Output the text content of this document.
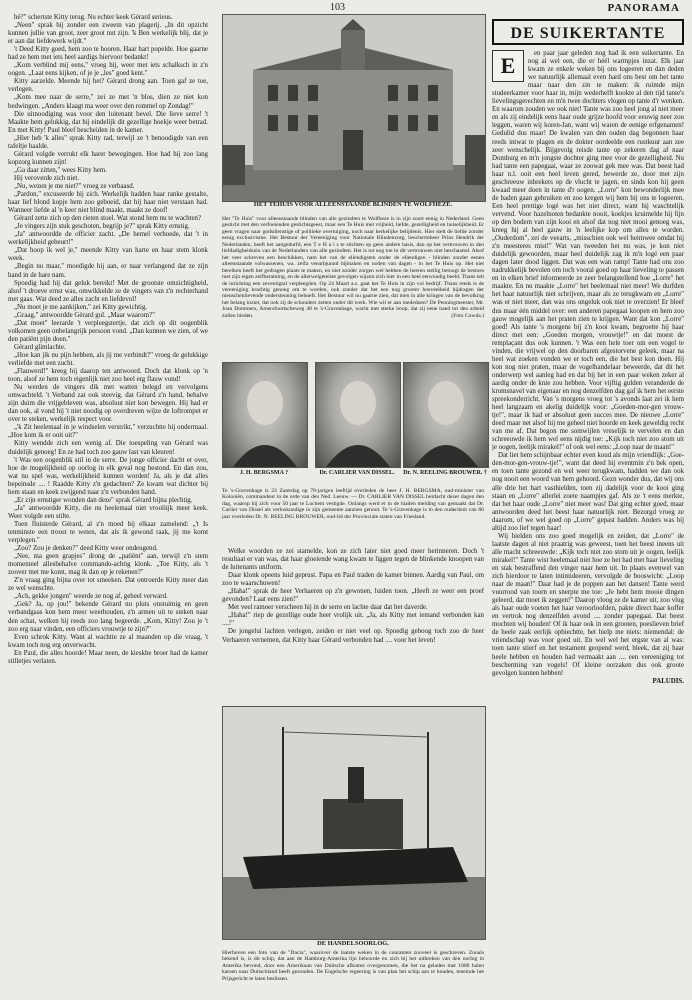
103	PANORAMA

hè?" schertste Kitty terug. Nu echter keek Gérard serieus.

„Neen" sprak hij zonder een zweem van plagerij. „In dit opzicht kunnen jullie van groot, zeer groot nut zijn. 'k Ben werkelijk blij, dat je er aan dat liefdewerk wijdt."

't Deed Kitty goed, hem zoo te hooren. Haar hart popelde. Hoe gaarne had ze hem met iets heel aardigs hiervoor bedankt!

„Kom verblind mij eens," vroeg hij, weer met iets schalksch in z'n oogen. „Laat eens kijken, of je je „les" goed kent."

Kitty aarzelde. Meende hij het? Gérard drong aan. Toen gaf ze toe, verlegen.

„Kom mee naar de serre," zei ze met 'n blos, dien ze niet kon bedwingen. „Anders klaagt ma weer over den rommel op Zondag!"

Die uitnoodiging was voor den luitenant bevel. Die lieve serre! 't Maakte hem gelukkig, dat hij eindelijk dit gezellige hoekje weer betrad. En met Kitty! Paul bleef bescheiden in de kamer.

„Hier heb 'k alles" sprak Kitty rad, terwijl ze 't benoodigde van een tafeltje haalde.

Gérard volgde verrukt elk harer bewegingen. Hoe had hij zoo lang kopzorg kunnen zijn!

„Ga daar zitten," wees Kitty hem.

Hij veroverde zich niet.

„Nu, wezen je me niet?" vroeg ze verbaasd.

„Pardon," excuseerde hij zich. Werkelijk hadden haar ranke gestalte, haar lief blond kopje hem zoo geboeid, dat hij haar niet verstaan had. Wanneer liefde al 'n keer niet blind maakt, maakt ze doof!

Gérard zette zich op den rieten stoel. Wat stond hem nu te wachten?

„Je vingers zijn stuk geschoten, begrijp je?" sprak Kitty ernstig.

„Ja" antwoordde de officier zacht. „De hemel verhoede, dat 't in werkelijkheid gebeurt!"

„Dat hoop ik wel je," meende Kitty van harte en haar stem klonk week.

„Begin nu maar," moedigde hij aan, er naar verlangend dat ze zijn hand in de hare nam.

Spoedig had hij dat geluk bereikt! Met de grootste omzichtigheid, alsof 't droeve ernst was, omwikkelde ze de vingers van z'n rechterhand met gaas. Wat deed ze alles zacht en liefdevol!

„Nu moet je me aankijken," zei Kitty gewichtig.

„Graag," antwoordde Gérard gul. „Maar waarom?"

„Dat moet" leerarde 't verpleegstertje, dat zich op dit oogenblik volkomen geen onbelangrijk persoon vond. „Dan kunnen we zien, of we den patiënt pijn doen."

Gérard glimlachte.

„Hoe kan jik nu pijn hebben, als jij me verbindt?" vroeg de gelukkige verliefde met een zucht.

„Flauwerd!" kreeg hij daarop ten antwoord. Doch dat klonk op 'n toon, alsof ze hem toch eigenlijk niet zoo heel erg flauw vond!

Nu werden de vingers dik met watten belegd en vervolgens omwachteld. 't Verband zat ook steevig. dat Gérard z'n hand, behalve zijn duim die vrijgebleven was, absoluut niet kon bewegen. Hij had er dan ook, al vond hij 't niet noodig op overdreven wijze de loftrompet er over te steken, werkelijk respect voor.

„'k Zit heelemaal in je windselen verstrikt," verzuchtte hij ondermaal. „Hoe kom ik er ooit uit?"

Kitty wendde zich een wenig af. Die toespeling van Gérard was duidelijk genoeg! En ze had toch zoo gauw last van kleuren!

't Was een oogenblik stil in de serre. De jonge officier dacht er over, hoe de mogelijkheid op oorlog in elk geval nog bestond. En dan zou, wat nu spel was, werkelijkheid kunnen worden! Ja, als je dat alles bepeinsde .... ! Raadde Kitty z'n gedachten? Ze kwam wat dichter bij hem staan en keek zwijgend naar z'n verbonden hand.

„Er zijn ernstiger wonden dan deze" sprak Gérard bijna plechtig.

„Ja" antwoordde Kitty, die nu heelemaal niet vrooliijk meer keek. Weer volgde een stilte.

Toen fluisterde Gérard, al z'n moed bij elkaar zamelend: „'t Is tenminste een troost te weten, dat als ik gewond raak, jij me komt verplegen."

„Zoo? Zou je denken?" deed Kitty weer ondeugend.

„Nee, ma geen grapjes" drong de „patiënt" aan, terwijl z'n stem momenteel allesbehalve commando-achtig klonk. „Toe Kitty, als 't zoover met me komt, mag ik dan op je rekenen?"

Z'n vraag ging bijna over tot smeeken. Dat ontroerde Kitty meer dan ze wel wenschte.

„Ach, gekke jongen" weerde ze nog af, geheel verward.

„Gek? Ja, op jou!" bekende Gérard nu pluts onstuimig en geen verbandgaas kon hem meer weerhouden, z'n armen uit te steken naar den schat, welken hij reeds zoo lang begeerde. „Kom, Kitty! Zou je 't zoo erg naar vinden, een officiers vrouwtje te zijn?"

Even schrok Kitty. Want al wachtte ze al maanden op die vraag, 't kwam toch nog erg onverwacht.

En Paul, die alles hoorde! Maar neen, de kieskhe broer had de kamer stilletjes verlaten.

HET TEHUIS VOOR ALLEENSTAANDE BLINDEN TE WOLFHEZE.
Het "Te Huis" voor alleenstaande blinden van alle gezindten te Wolfheze is in zijn soort eenig in Nederland. Geen gesticht met den verfoeienden gestichtsgeest, maar een Te Huis met vrijheid, liefde, gezelligheid en huiselijkheid. Er geen vragen naar godsdienstige of politieke overtuiging, noch naar kerkelijke belijdenis. Hier stelt de liefde zonder eenig exclusivisme. Het Bestuur der Vereeniging voor Nationale Blindenzorg, beschermheer Prins Hendrik der Nederlanden, heeft het aangedurfd, een T e H u i s te stichten op geen andere basis, dan op het vertrouwen in den liefdadigheidszin van de Nederlanders van alle gezindten. Het is tot nog toe in dit vertrouwen niet beschaamd. Alsof het veer schreven een beschikken, nam het van de ellendigsten onder de ellendigen - blinden zonder eenen alleenstaande volwassenen, wa. zeifa veearbjunnd bijmaken en noden van dagen - in het Te Huis op. Het niet bereiken heeft het gedragen plaats te maken, en niet zonder zorgen wel hebben de heeren stellig betoogt de bestoes met zijn eigen zelfberaming, en de allerwelgetelste gevolgen wijzen zich hier in een heel eenvoudig beeld. Thans telt de inrichting een zeventigtal verpleegden. Op 24 Maart a.s. gaat het Te Huis in zijn vol bedrijf. Thans reeds is de vereeniging krachtig genoeg om te worden, ook zonder dat het een nog grooter hoeveelheid bijdragen der menschenlievende ondersteuning behoeft. Het Bestuur wil nu gaarne zien, dat men in alle kringen van de bevolking het belang inziet, dat ook zij de schouders zetten onder dit werk. Wie wil er aan mededoen? De Penningmeester, Mr. Joan Dommers, Amersfoortscheweg 48 te 's-Gravenhage, wacht met sterke hoop, dat zij eene hand tot den arbeid zullen bieden.	(Foto Cowda.)
J. H. BERGSMA ?	Dr. CARLIER VAN DISSEL.	Dr. N. REELING BROUWER. †
Te 's-Gravenhage is 23 Zaterdag op 78-jarigen leeftijd overleden de heer J. H. BERGSMA, oud-minister van Koloniën, commandeur in de orde van den Ned. Leeuw. — Dr. CARLIER VAN DISSEL herdacht dezer dagen den dag, waarop hij zich voor 50 jaar te Lochem vestigde. Onlangs werd er in de hiaden melding van gemaakt dat Dr. Carlier van Dissel als verloskundige in zijn gemeente aanzien genoot. Te 's-Gravenhage is in den ouderdom van 86 jaar overleden Dr. N. REELING BROUWER, oud-lid der Provinciale staten van Friesland.

Welke woorden ze zei stamelde, kon ze zich later niet goed meer herinneren. Doch 't resultaat er van was, dat haar gloeiende wang kwam te liggen tegen de blinkende knoopen van de luitenants uniform.

Daar klonk opeens luid geprust. Papa en Paul traden de kamer binnen. Aardig van Paul, om zoo te waarschuwen!

„Haha!" sprak de heer Verhaeren op z'n gewonen, luiden toon. „Heeft ze weer een proef gevonden? Laat eens zien!"

Met veel ramoer verscheen hij in de serre en lachte daar dat het daverde.

„Haha!" riep de gezellige oude heer vrolijk uit. „Ja, als Kitty met iemand verbonden kan ....!"

De jongelui lachten verlegen, zeiden er niet veel op. Spoedig geboog toch zoo de heer Verhaeren vernemen, dat Kitty haar Gérard verbonden had .... voor het leven!

DE HANDELSOORLOG.
Hierboven een foto van de "Dacia", waarover de laatste weken in de couranten zooveel is geschreven. Zooals bekend is, is dit schip, dat aan de Hamburg-Amerika lijn behoorde en zich bij het uitbreken van den oorlog in Amerika bevond, door een Amerikaan van Duitsche afkomst overgenomen, die het na geladen met 1000 balen katoen naar Duitschland heeft gezonden. De Engelsche regeering is van plan het schip aan te houden, teneinde het Prijsgericht te laten beslissen.
DE SUIKERTANTE
E	en paar jaar geleden nog had ik een suikertante. En nog al wel een, die er héél warmpjes inzat. Elk jaar kwam ze enkele weken bij ons logeeren en dan deden we natuurlijk allemaal even hard ons best om het tante maar naar den zin te maken: ik ruimde mijn studeerkamer voor haar in, mijn wederhelft kookte al den tijd tante's lievelingsgerechten en m'n twee dochters vlogen op tante d'r wenken. En waarom zouden we ook niet! Tante was zoo heel jong al niet meer en als zij eindelijk eens haar oude grijze hoofd voor eeuwig neer zou leggen, waren wij koren-Jan, want wij waren de eenige erfgenamen! Gedulid dus maar! De kwalen van den ouden dag begonnen haar reeds intwat te plagen en de dokter oordeelde een rustkuur aan zee zeer wenschelijk. Bijgevolg reisde tante op zekeren dag af naar Domburg en m'n jongste dochter ging mee voor de gezelligheid. Nu had tante een papegaai, waar ze zoowat gek mee was. Dat beest had haar n.l. ooit een heel leven gered, bewerde ze, door met zijn geschreeuw inbrekers op de vlucht te jagen, en sinds kon hij geen kwaad meer doen in tante d'r oogen. „Lorre" kon bewonderlijk mee de baden gaan gebruiken en zoo kregen wij hem bij ons te logeeren. Een heel prettige logé was het niet direct, want hij waschtelijk vervend. Voor hazelnoten bedankte nooit, koekjes kruimelde hij fijn op den bodem van zijn kooi en alsof dat nog niet mooi genoeg was, kreeg hij al heel gauw in 'n leelijke kop om alles te worden. „Ouderdom", zei de veearts, „misschien ook wel heimwee omdat hij z'n meesteres mist!" Wat van tweeden het nu was, je kon niet duidelijk gewoorden, maar heel duidelijk zag ik m'n logé een paar dagen later dood liggen. Dat was een wan ramp! Tante had ons zoo nadrukkelijk bevolen om toch vooral goed op haar lieveling te passen en in elken brief informeerde ze zeer belangstellend hoe „Lorre" het maakte. En nu maakte „Lorre" het heelemaal niet meer! We durfden het haar natuurlijk niet schrijven, maar als ze terugkwam en „Lorre" was er niet meer, dan was ons ongeluk ook niet te overzien! Er bleef dus maar één middel over: een anderen papegaai koopen en hem zoo gauw mogelijk aan het praten zien te krijgen. Want dat kon „Lorre" goed! Als tante 's morgens bij z'n kooi kwam, begroette hij haar direct met een: „Goeden morgen, vrouwtje!" en dat moest de remplaçant dus ook kunnen. 't Was een hele toer om een vogel te vinden, die vrijwel op den doorbaren afgestorvene geleek, maar na heel wat zoeken vonden we er toch een, die het best kon doen. Hij kon nog niet praten, maar de vogelhandelaar beweerde, dat dit het onderwerp wel aanleg had en dat bij het in een paar weken zeker al aardig onder de knie zou hebben. Voor vijftig gulden veranderde de kromsnavel van eigenaar en nog denzelfden dag gaf ik hem het eerste spreekonderricht. Van 's morgens vroeg tot 's avonds laat zei ik hem heel langzaam en akelig duidelijk voor: „Goeden-mor-gen vrouw-tje!", maar ik had er absoluut geen succes mee. De nieuwe „Lorre" deed maar net alsof hij me geheel niet hoorde en keek geweldig recht van me af. Dat begon me somwijlen vreselijk te vervelen en dan schreeuwde ik hem wel eens nijdig toe: „Kijk toch niet zoo stom uit je oogen, leelijk mirakel!" of ook wel eens: „Loop naar de maan!"

Dat liet hem schijnbaar echter even koud als mijn vriendlijk: „Goe-den-mor-gen-vrouw-tje!", want dat deed hij eventmin z'n bek open, en toen tante gezond en wel weer terugkwam, hadden we dan ook nog nooit een woord van hem gehoord. Gezn wonder dus, dat wij ons alle drie het hart vasthielden, toen zij dadelijk voor de kooi ging staan en „Lorre" allerlei zoete naampjes gaf. Als ze 't eens merkte, dat het haar oude „Lorre" niet meer was! Dat ging echter goed, maar antwoorden deed het beest haar natuurlijk niet. Bezorgd vroeg ze daarom, of we wel goed op „Lorre" gepast hadden. Anders was hij altijd zoo lief tegen haar!

Wij hielden ons zoo goed mogelijk en zeiden, dat „Lorre" de laatste dagen al niet praatrig was geweest, toen het beest ineens uit alle macht schreeuwde: „Kijk toch niet zoo stom uit je oogen, leelijk mirakel!" Tante wist heelemaal niet hoe ze het had met haar lieveling en stak bestraffend den vinger naar hem uit. In plaats evenwel van zich hierdoor te laten intimideeren, vervolgde de booswicht: „Loop naar de maan!" Daar had je de poppen aan het dansen! Tante werd vuurrood van toorn en snerpte me toe: „Je hebt hem mooie dingen geleerd, dat moet ik zeggen!" Daarop vloog ze de kamer uit, zoo vlug als haar oude voeten het haar veroorloofden, pakte direct haar koffer en vertrok nog denzelfden avond .... zonder papegaai. Dat beest mochten wij houden! Of ik haar ook in een grooten, poeslieven brief de heele zaak eerlijk opbiechtte, het hielp me niets: niemendal: de vriendschap was voor goed uit. En wel wel het ergste van al was: toen tante stierf en het testament geopend werd, bleek, dat zij haar heele hebben en houden had vermaakt aan .... een vereeniging tot bescherming van vogels! Of kleine oorzaken dus ook groote gevolgen kunnen hebben!

PALUDIS.
